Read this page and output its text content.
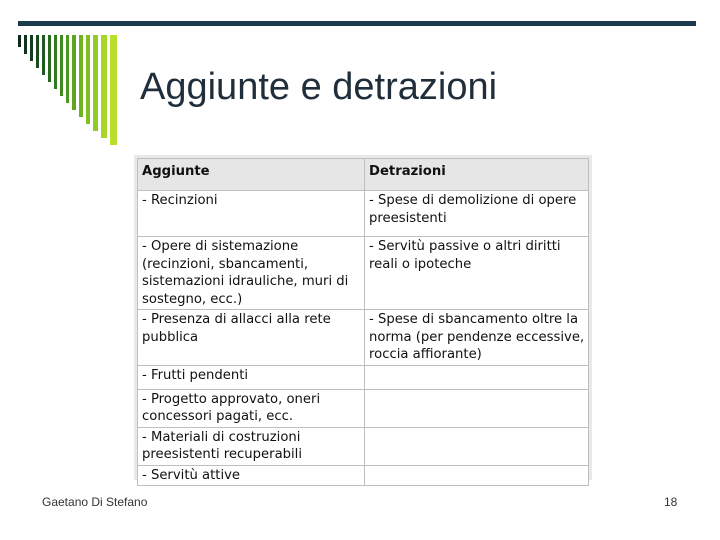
Aggiunte e detrazioni
Aggiunte	Detrazioni
- Recinzioni	- Spese di demolizione di opere preesistenti
- Opere di sistemazione (recinzioni, sbancamenti, sistemazioni idrauliche, muri di sostegno, ecc.)	- Servitù passive o altri diritti reali o ipoteche
- Presenza di allacci alla rete pubblica	- Spese di sbancamento oltre la norma (per pendenze eccessive, roccia affiorante)
- Frutti pendenti	
- Progetto approvato, oneri concessori pagati, ecc.	
- Materiali di costruzioni preesistenti recuperabili	
- Servitù attive	
Gaetano Di Stefano	18
